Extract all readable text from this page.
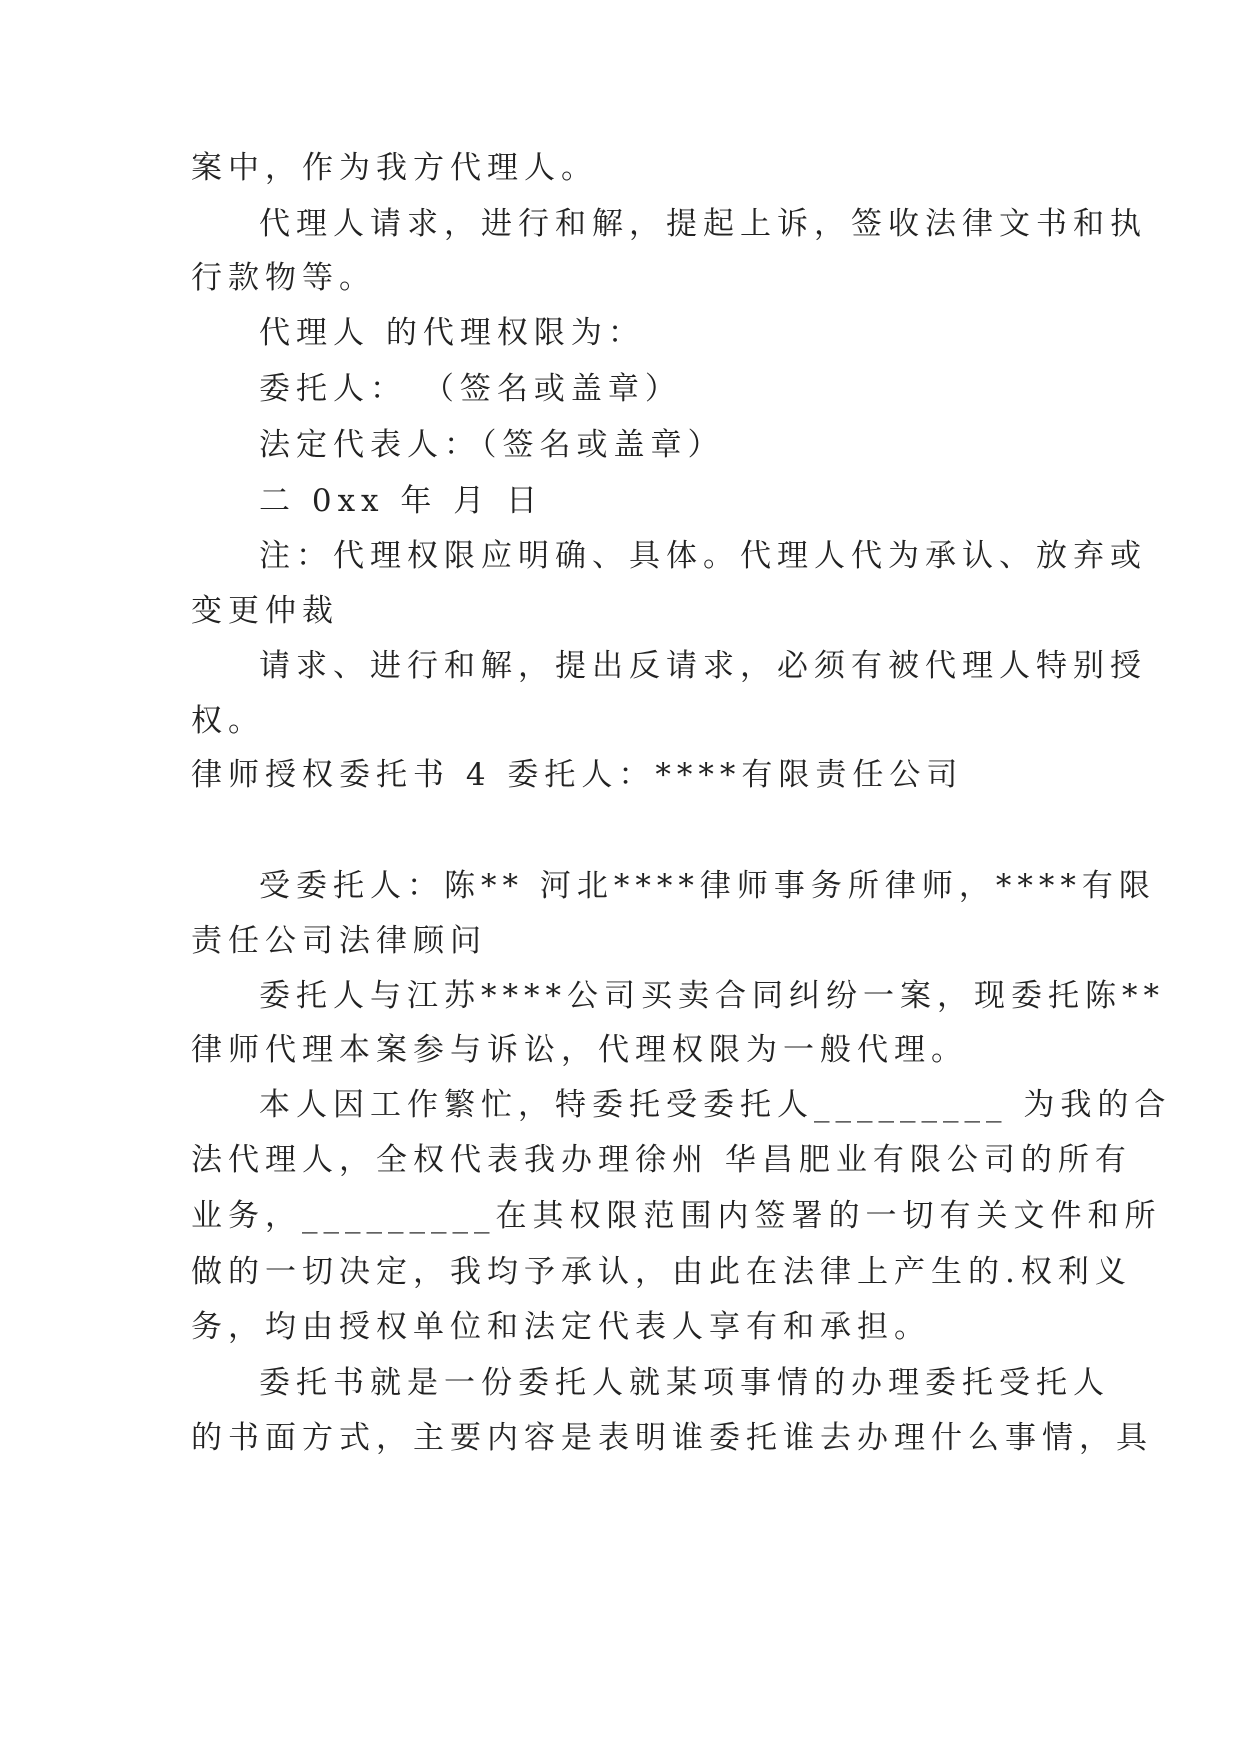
案中，作为我方代理人。
代理人请求，进行和解，提起上诉，签收法律文书和执
行款物等。
代理人 的代理权限为：
委托人： （签名或盖章）
法定代表人：（签名或盖章）
二 0xx 年 月 日
注：代理权限应明确、具体。代理人代为承认、放弃或
变更仲裁
请求、进行和解，提出反请求，必须有被代理人特别授
权。
律师授权委托书 4 委托人：****有限责任公司
受委托人：陈** 河北****律师事务所律师，****有限
责任公司法律顾问
委托人与江苏****公司买卖合同纠纷一案，现委托陈**
律师代理本案参与诉讼，代理权限为一般代理。
本人因工作繁忙，特委托受委托人_________ 为我的合
法代理人，全权代表我办理徐州 华昌肥业有限公司的所有
业务，_________在其权限范围内签署的一切有关文件和所
做的一切决定，我均予承认，由此在法律上产生的.权利义
务，均由授权单位和法定代表人享有和承担。
委托书就是一份委托人就某项事情的办理委托受托人
的书面方式，主要内容是表明谁委托谁去办理什么事情，具
